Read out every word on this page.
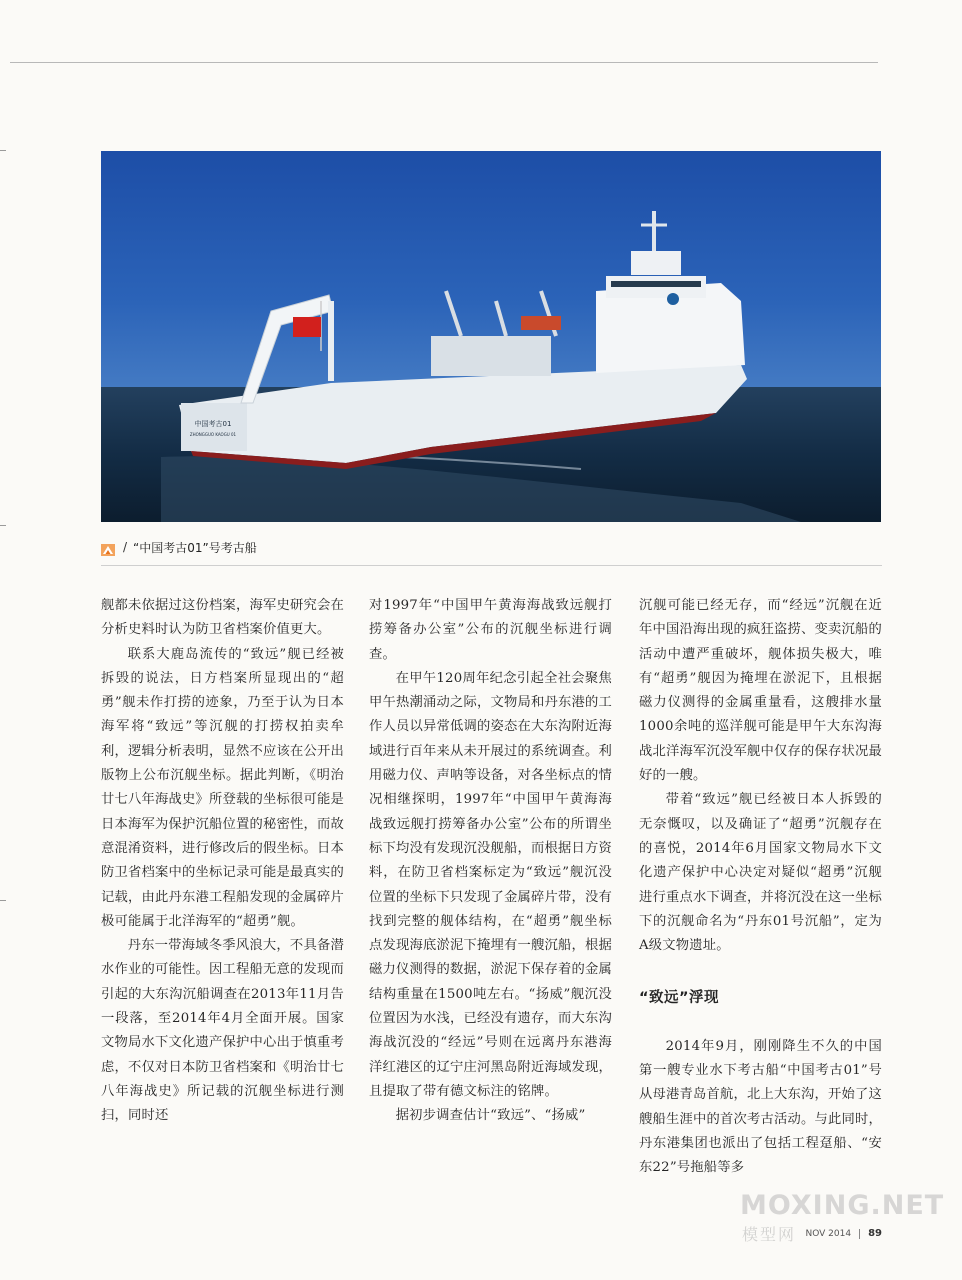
中国考古01
ZHONGGUO KAOGU 01
/ “中国考古01”号考古船

舰都未依据过这份档案，海军史研究会在分析史料时认为防卫省档案价值更大。

联系大鹿岛流传的“致远”舰已经被拆毁的说法，日方档案所显现出的“超勇”舰未作打捞的迹象，乃至于认为日本海军将“致远”等沉舰的打捞权拍卖牟利，逻辑分析表明，显然不应该在公开出版物上公布沉舰坐标。据此判断，《明治廿七八年海战史》所登载的坐标很可能是日本海军为保护沉船位置的秘密性，而故意混淆资料，进行修改后的假坐标。日本防卫省档案中的坐标记录可能是最真实的记载，由此丹东港工程船发现的金属碎片极可能属于北洋海军的“超勇”舰。

丹东一带海域冬季风浪大，不具备潜水作业的可能性。因工程船无意的发现而引起的大东沟沉船调查在2013年11月告一段落，至2014年4月全面开展。国家文物局水下文化遗产保护中心出于慎重考虑，不仅对日本防卫省档案和《明治廿七八年海战史》所记载的沉舰坐标进行测扫，同时还

对1997年“中国甲午黄海海战致远舰打捞筹备办公室”公布的沉舰坐标进行调查。

在甲午120周年纪念引起全社会聚焦甲午热潮涌动之际，文物局和丹东港的工作人员以异常低调的姿态在大东沟附近海域进行百年来从未开展过的系统调查。利用磁力仪、声呐等设备，对各坐标点的情况相继探明，1997年“中国甲午黄海海战致远舰打捞筹备办公室”公布的所谓坐标下均没有发现沉没舰船，而根据日方资料，在防卫省档案标定为“致远”舰沉没位置的坐标下只发现了金属碎片带，没有找到完整的舰体结构，在“超勇”舰坐标点发现海底淤泥下掩埋有一艘沉船，根据磁力仪测得的数据，淤泥下保存着的金属结构重量在1500吨左右。“扬威”舰沉没位置因为水浅，已经没有遗存，而大东沟海战沉没的“经远”号则在远离丹东港海洋红港区的辽宁庄河黑岛附近海域发现，且提取了带有德文标注的铭牌。

据初步调查估计“致远”、“扬威”

沉舰可能已经无存，而“经远”沉舰在近年中国沿海出现的疯狂盗捞、变卖沉船的活动中遭严重破坏，舰体损失极大，唯有“超勇”舰因为掩埋在淤泥下，且根据磁力仪测得的金属重量看，这艘排水量1000余吨的巡洋舰可能是甲午大东沟海战北洋海军沉没军舰中仅存的保存状况最好的一艘。

带着“致远”舰已经被日本人拆毁的无奈慨叹，以及确证了“超勇”沉舰存在的喜悦，2014年6月国家文物局水下文化遗产保护中心决定对疑似“超勇”沉舰进行重点水下调查，并将沉没在这一坐标下的沉舰命名为“丹东01号沉船”，定为A级文物遗址。

“致远”浮现

2014年9月，刚刚降生不久的中国第一艘专业水下考古船“中国考古01”号从母港青岛首航，北上大东沟，开始了这艘船生涯中的首次考古活动。与此同时，丹东港集团也派出了包括工程趸船、“安东22”号拖船等多

MOXING.NET
模型网 NOV 2014 89
